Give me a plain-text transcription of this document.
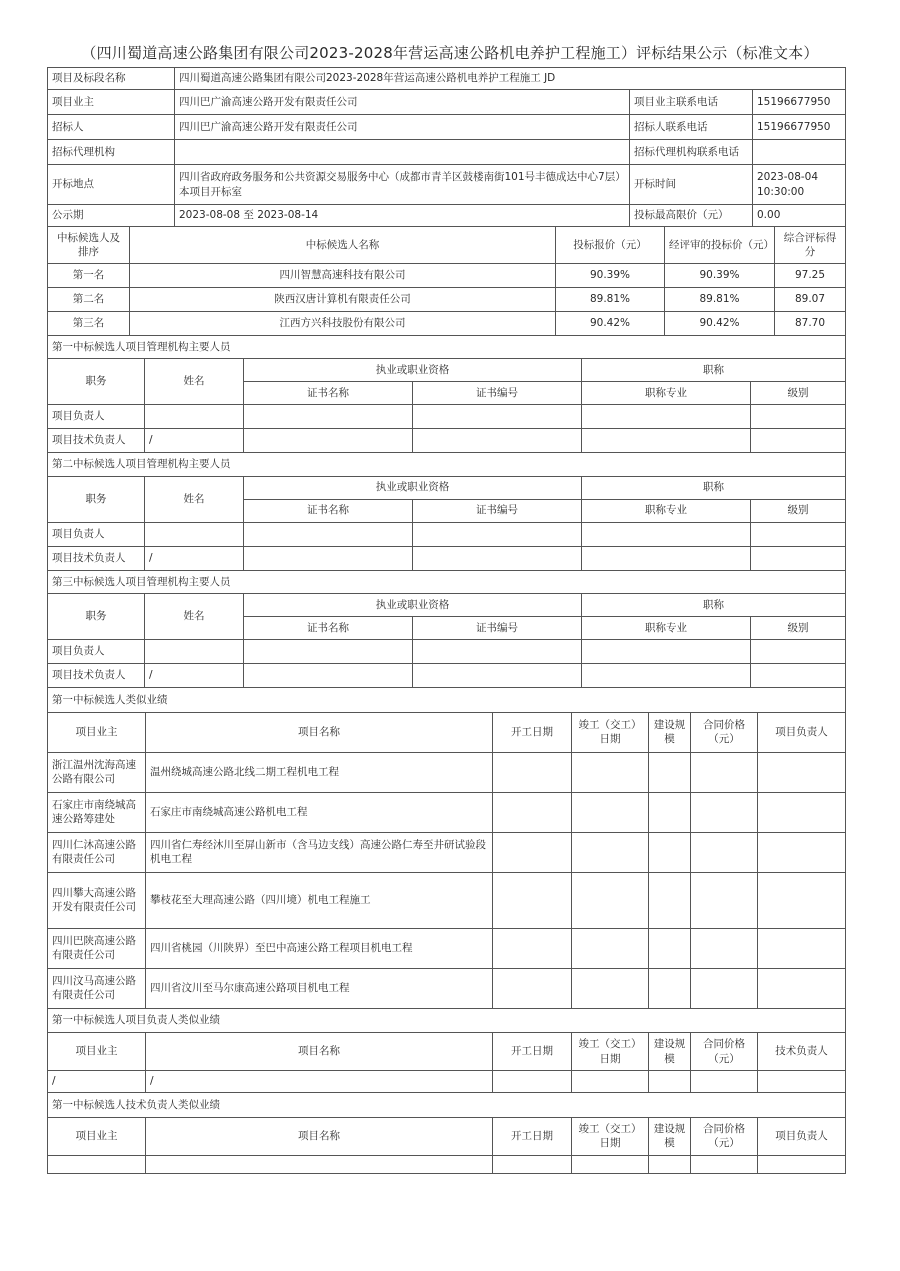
（四川蜀道高速公路集团有限公司2023-2028年营运高速公路机电养护工程施工）评标结果公示（标准文本）
项目及标段名称	四川蜀道高速公路集团有限公司2023-2028年营运高速公路机电养护工程施工 JD		
项目业主	四川巴广渝高速公路开发有限责任公司	项目业主联系电话	15196677950
招标人	四川巴广渝高速公路开发有限责任公司	招标人联系电话	15196677950
招标代理机构		招标代理机构联系电话	
开标地点	四川省政府政务服务和公共资源交易服务中心（成都市青羊区鼓楼南街101号丰德成达中心7层）本项目开标室	开标时间	2023-08-04
10:30:00
公示期	2023-08-08 至 2023-08-14	投标最高限价（元）	0.00
中标候选人及排序	中标候选人名称	投标报价（元）	经评审的投标价（元）	综合评标得分
第一名	四川智慧高速科技有限公司	90.39%	90.39%	97.25
第二名	陕西汉唐计算机有限责任公司	89.81%	89.81%	89.07
第三名	江西方兴科技股份有限公司	90.42%	90.42%	87.70
第一中标候选人项目管理机构主要人员					
职务	姓名	执业或职业资格		职称	
		证书名称	证书编号	职称专业	级别
项目负责人					
项目技术负责人	/				
第二中标候选人项目管理机构主要人员					
职务	姓名	执业或职业资格		职称	
		证书名称	证书编号	职称专业	级别
项目负责人					
项目技术负责人	/				
第三中标候选人项目管理机构主要人员					
职务	姓名	执业或职业资格		职称	
		证书名称	证书编号	职称专业	级别
项目负责人					
项目技术负责人	/				
第一中标候选人类似业绩						
项目业主	项目名称	开工日期	竣工（交工）日期	建设规模	合同价格（元）	项目负责人
浙江温州沈海高速公路有限公司	温州绕城高速公路北线二期工程机电工程					
石家庄市南绕城高速公路筹建处	石家庄市南绕城高速公路机电工程					
四川仁沐高速公路有限责任公司	四川省仁寿经沐川至屏山新市（含马边支线）高速公路仁寿至井研试验段机电工程					
四川攀大高速公路开发有限责任公司	攀枝花至大理高速公路（四川境）机电工程施工					
四川巴陕高速公路有限责任公司	四川省桃园（川陕界）至巴中高速公路工程项目机电工程					
四川汶马高速公路有限责任公司	四川省汶川至马尔康高速公路项目机电工程					
第一中标候选人项目负责人类似业绩						
项目业主	项目名称	开工日期	竣工（交工）日期	建设规模	合同价格（元）	技术负责人
/	/					
第一中标候选人技术负责人类似业绩						
项目业主	项目名称	开工日期	竣工（交工）日期	建设规模	合同价格（元）	项目负责人
